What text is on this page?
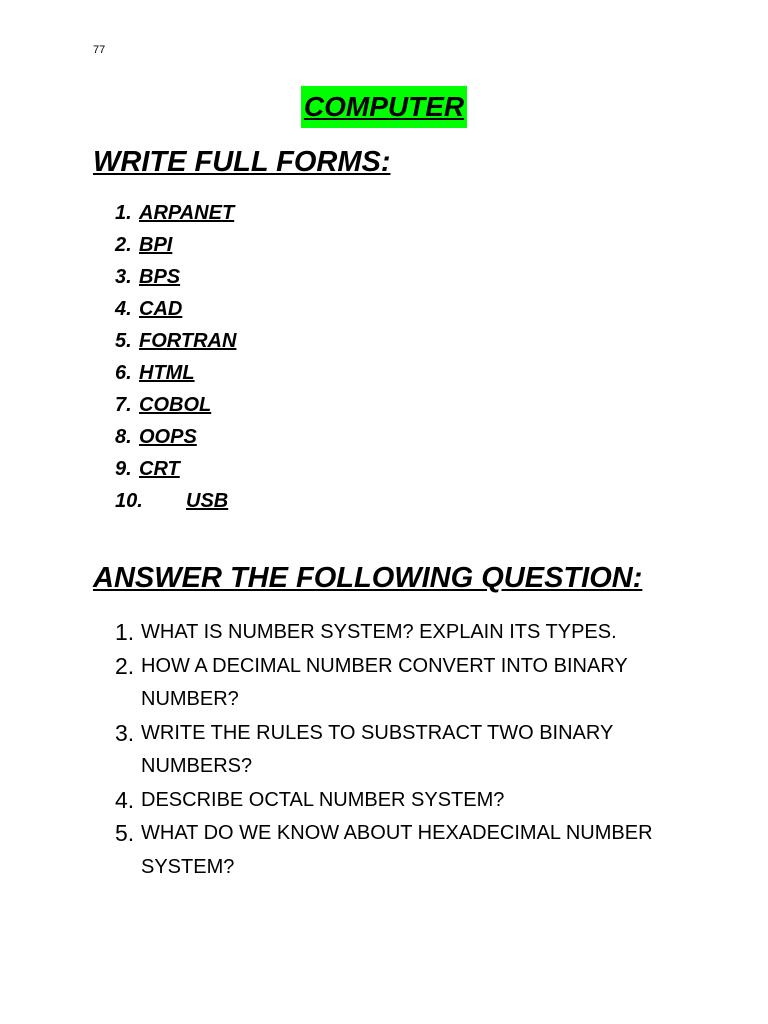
77
COMPUTER
WRITE FULL FORMS:
1. ARPANET
2. BPI
3. BPS
4. CAD
5. FORTRAN
6. HTML
7. COBOL
8. OOPS
9. CRT
10. USB
ANSWER THE FOLLOWING QUESTION:
1. WHAT IS NUMBER SYSTEM? EXPLAIN ITS TYPES.
2. HOW A DECIMAL NUMBER CONVERT INTO BINARY NUMBER?
3. WRITE THE RULES TO SUBSTRACT TWO BINARY NUMBERS?
4. DESCRIBE OCTAL NUMBER SYSTEM?
5. WHAT DO WE KNOW ABOUT HEXADECIMAL NUMBER SYSTEM?
